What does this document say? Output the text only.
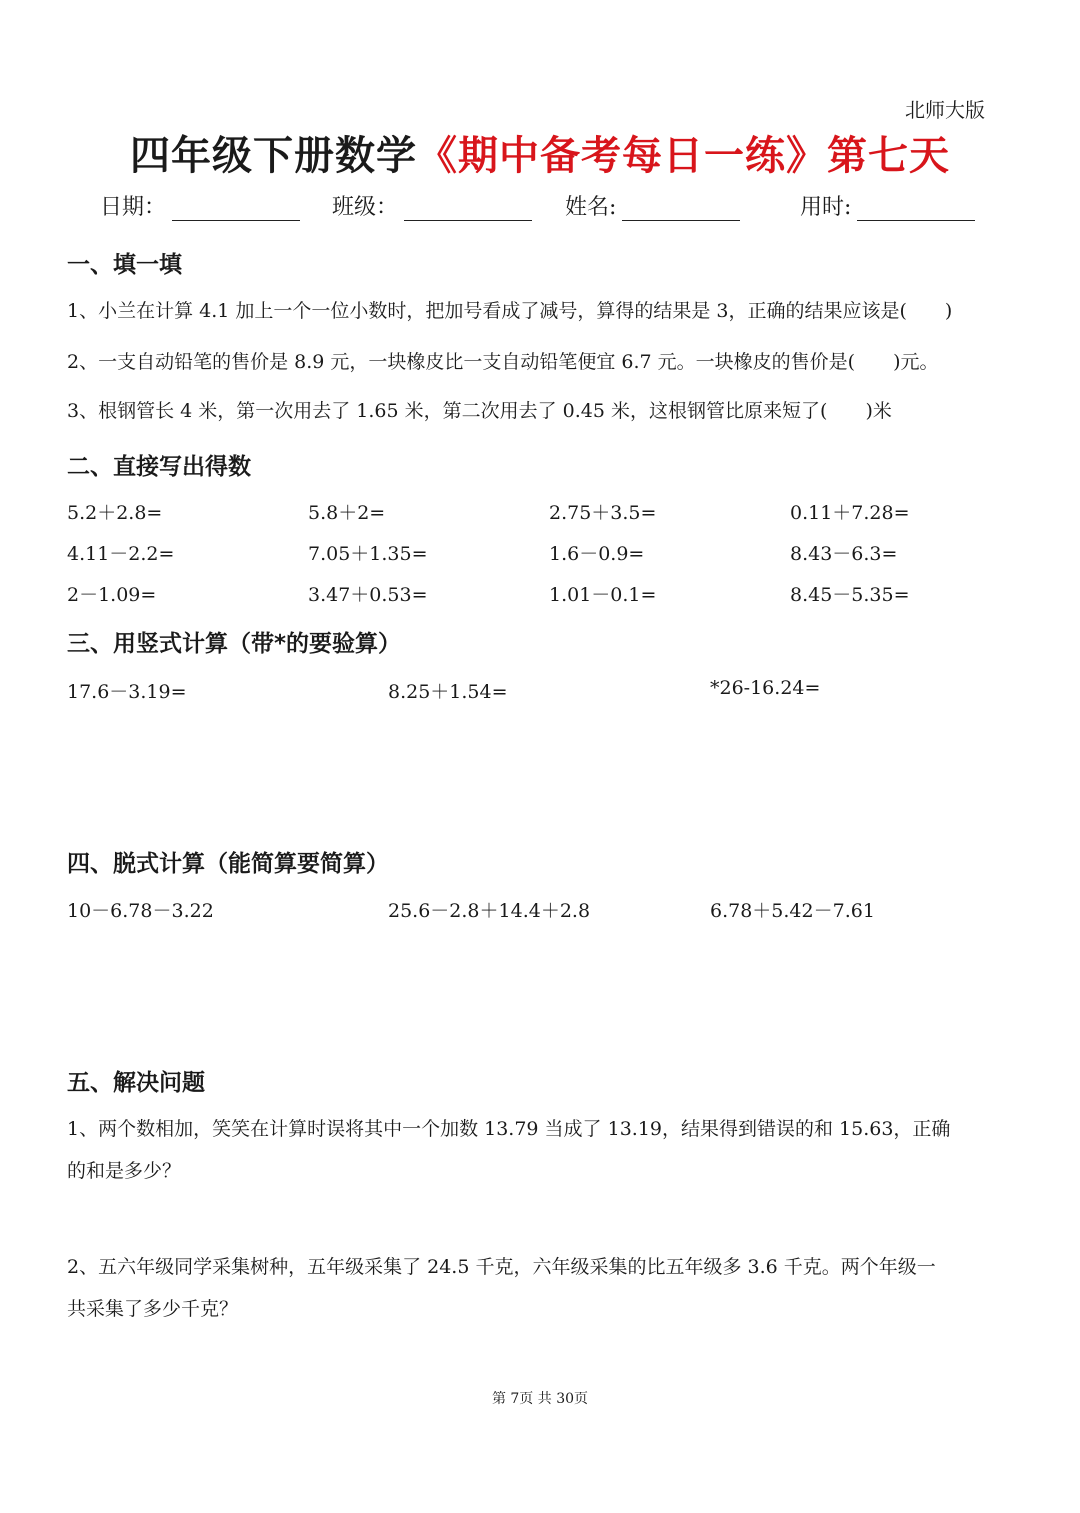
北师大版
四年级下册数学《期中备考每日一练》第七天
日期：	班级：	姓名:	用时:
一、填一填
1、小兰在计算 4.1 加上一个一位小数时，把加号看成了减号，算得的结果是 3，正确的结果应该是(　　)
2、一支自动铅笔的售价是 8.9 元，一块橡皮比一支自动铅笔便宜 6.7 元。一块橡皮的售价是(　　)元。
3、根钢管长 4 米，第一次用去了 1.65 米，第二次用去了 0.45 米，这根钢管比原来短了(　　)米
二、直接写出得数
5.2＋2.8=	5.8＋2=	2.75＋3.5=	0.11＋7.28=
4.11－2.2=	7.05＋1.35=	1.6－0.9=	8.43－6.3=
2－1.09=	3.47＋0.53=	1.01－0.1=	8.45－5.35=
三、用竖式计算（带*的要验算）
17.6－3.19=	8.25＋1.54=	*26-16.24=
四、脱式计算（能简算要简算）
10－6.78－3.22	25.6－2.8＋14.4＋2.8	6.78＋5.42－7.61
五、解决问题
1、两个数相加，笑笑在计算时误将其中一个加数 13.79 当成了 13.19，结果得到错误的和 15.63，正确
的和是多少？
2、五六年级同学采集树种，五年级采集了 24.5 千克，六年级采集的比五年级多 3.6 千克。两个年级一
共采集了多少千克？
第 7页 共 30页
